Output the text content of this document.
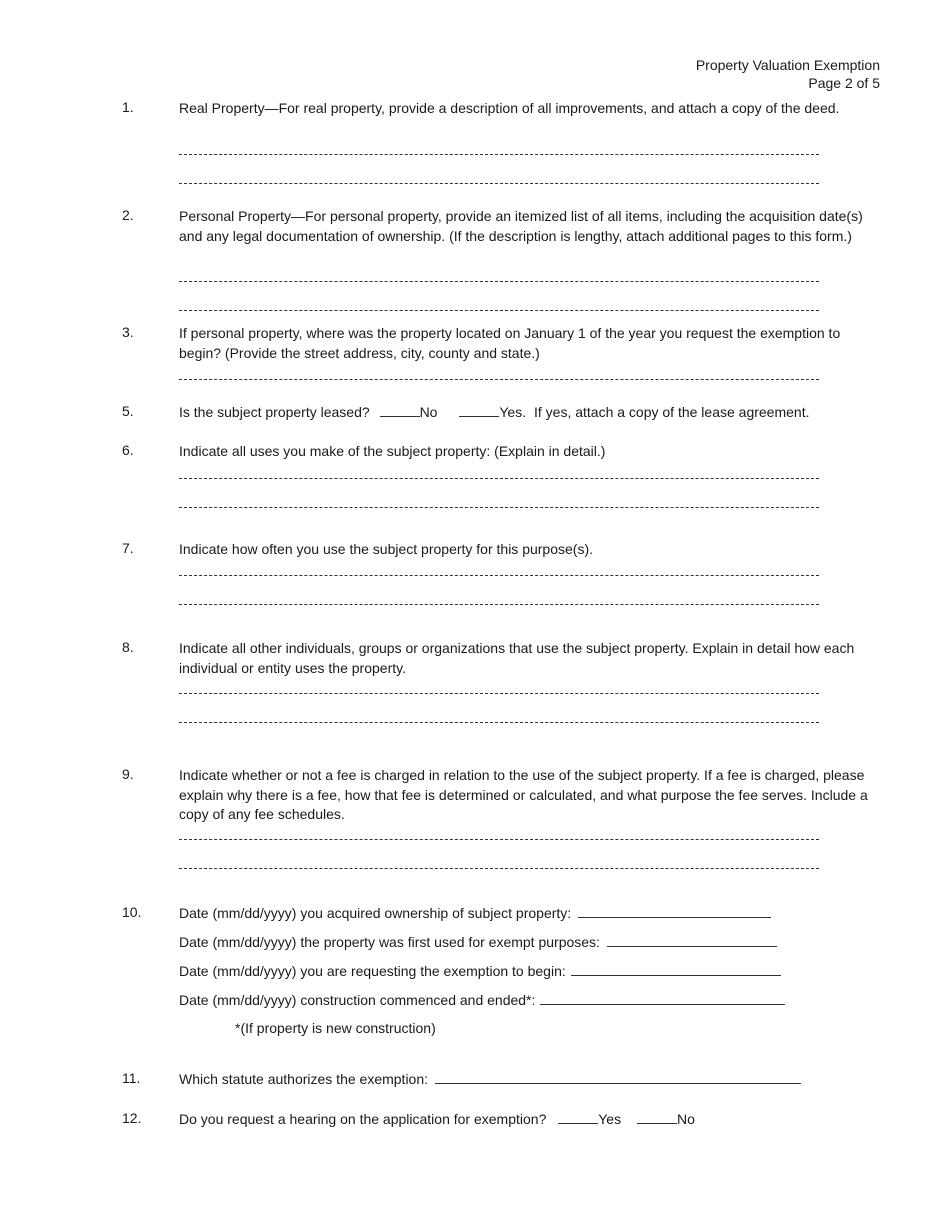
Property Valuation Exemption
Page 2 of 5
1.	Real Property—For real property, provide a description of all improvements, and attach a copy of the deed.
2.	Personal Property—For personal property, provide an itemized list of all items, including the acquisition date(s) and any legal documentation of ownership. (If the description is lengthy, attach additional pages to this form.)
3.	If personal property, where was the property located on January 1 of the year you request the exemption to begin? (Provide the street address, city, county and state.)
5.	Is the subject property leased?	No	Yes. If yes, attach a copy of the lease agreement.
6.	Indicate all uses you make of the subject property: (Explain in detail.)
7.	Indicate how often you use the subject property for this purpose(s).
8.	Indicate all other individuals, groups or organizations that use the subject property. Explain in detail how each individual or entity uses the property.
9.	Indicate whether or not a fee is charged in relation to the use of the subject property. If a fee is charged, please explain why there is a fee, how that fee is determined or calculated, and what purpose the fee serves. Include a copy of any fee schedules.
10.	Date (mm/dd/yyyy) you acquired ownership of subject property:
Date (mm/dd/yyyy) the property was first used for exempt purposes:
Date (mm/dd/yyyy) you are requesting the exemption to begin:
Date (mm/dd/yyyy) construction commenced and ended*:
*(If property is new construction)
11.	Which statute authorizes the exemption:
12.	Do you request a hearing on the application for exemption?	Yes	No
